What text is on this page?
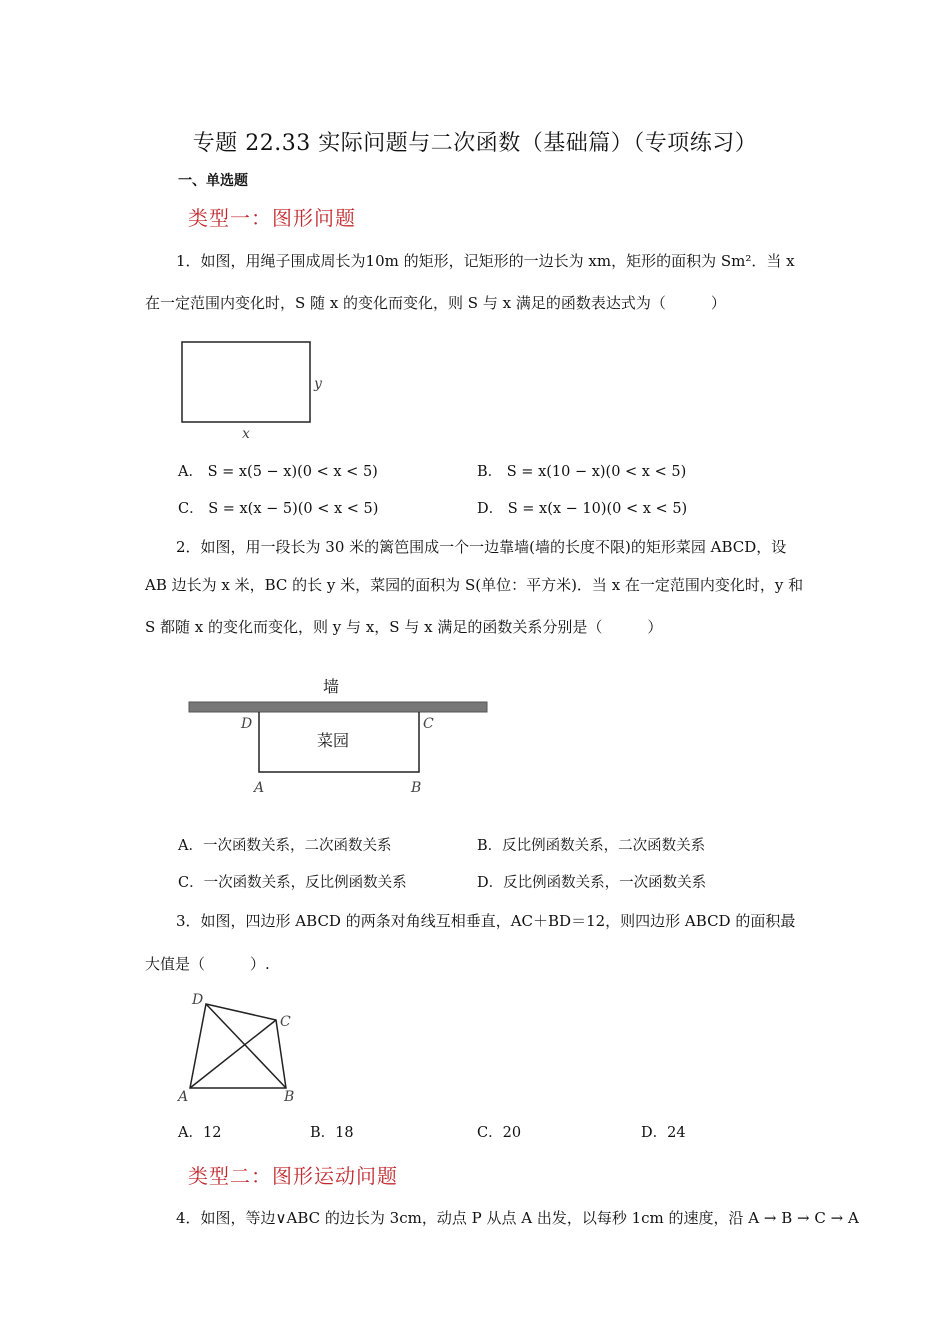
专题 22.33 实际问题与二次函数（基础篇）（专项练习）
一、单选题
类型一：图形问题
1．如图，用绳子围成周长为10m 的矩形，记矩形的一边长为 xm，矩形的面积为 Sm²．当 x
在一定范围内变化时，S 随 x 的变化而变化，则 S 与 x 满足的函数表达式为（　　　）
x
y
A． S = x(5 − x)(0 < x < 5)	B． S = x(10 − x)(0 < x < 5)
C． S = x(x − 5)(0 < x < 5)	D． S = x(x − 10)(0 < x < 5)
2．如图，用一段长为 30 米的篱笆围成一个一边靠墙(墙的长度不限)的矩形菜园 ABCD，设
AB 边长为 x 米，BC 的长 y 米，菜园的面积为 S(单位：平方米)．当 x 在一定范围内变化时，y 和
S 都随 x 的变化而变化，则 y 与 x，S 与 x 满足的函数关系分别是（　　　）
墙
菜园
D	C
A	B
A．一次函数关系，二次函数关系	B．反比例函数关系，二次函数关系
C．一次函数关系，反比例函数关系	D．反比例函数关系，一次函数关系
3．如图，四边形 ABCD 的两条对角线互相垂直，AC＋BD＝12，则四边形 ABCD 的面积最
大值是（　　　）.
D
C
A	B
A．12	B．18	C．20	D．24
类型二：图形运动问题
4．如图，等边∨ABC 的边长为 3cm，动点 P 从点 A 出发，以每秒 1cm 的速度，沿 A → B → C → A
